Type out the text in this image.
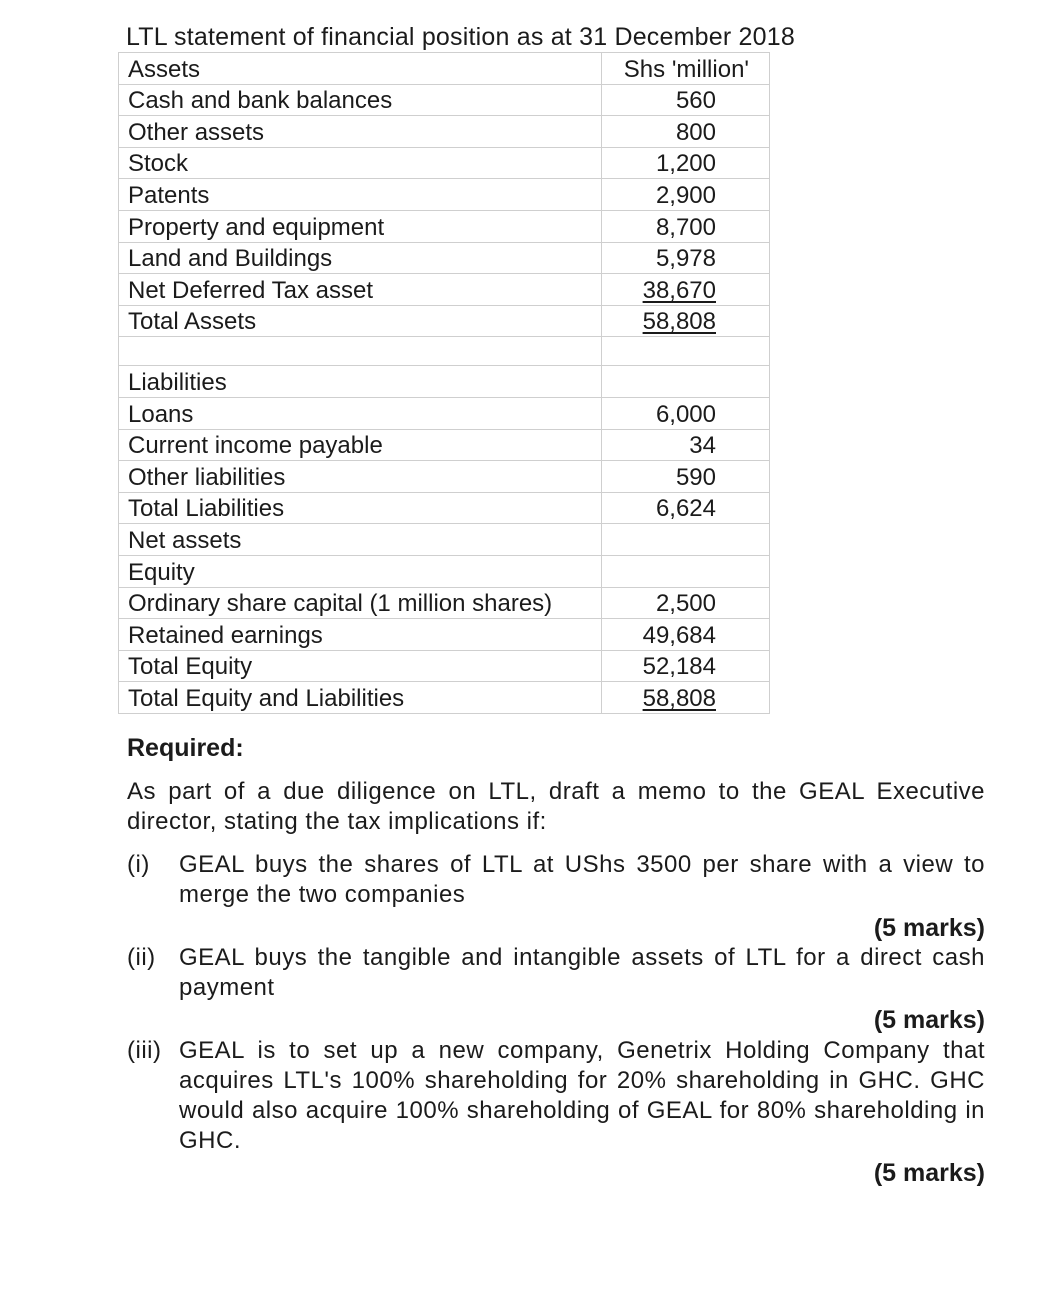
LTL statement of financial position as at 31 December 2018
Assets	Shs 'million'
Cash and bank balances	560
Other assets	800
Stock	1,200
Patents	2,900
Property and equipment	8,700
Land and Buildings	5,978
Net Deferred Tax asset	38,670
Total Assets	58,808

Liabilities	
Loans	6,000
Current income payable	34
Other liabilities	590
Total Liabilities	6,624
Net assets	
Equity	
Ordinary share capital (1 million shares)	2,500
Retained earnings	49,684
Total Equity	52,184
Total Equity and Liabilities	58,808
Required:
As part of a due diligence on LTL, draft a memo to the GEAL Executive director, stating the tax implications if:
(i) GEAL buys the shares of LTL at UShs 3500 per share with a view to merge the two companies
(5 marks)
(ii) GEAL buys the tangible and intangible assets of LTL for a direct cash payment
(5 marks)
(iii) GEAL is to set up a new company, Genetrix Holding Company that acquires LTL's 100% shareholding for 20% shareholding in GHC. GHC would also acquire 100% shareholding of GEAL for 80% shareholding in GHC.
(5 marks)
